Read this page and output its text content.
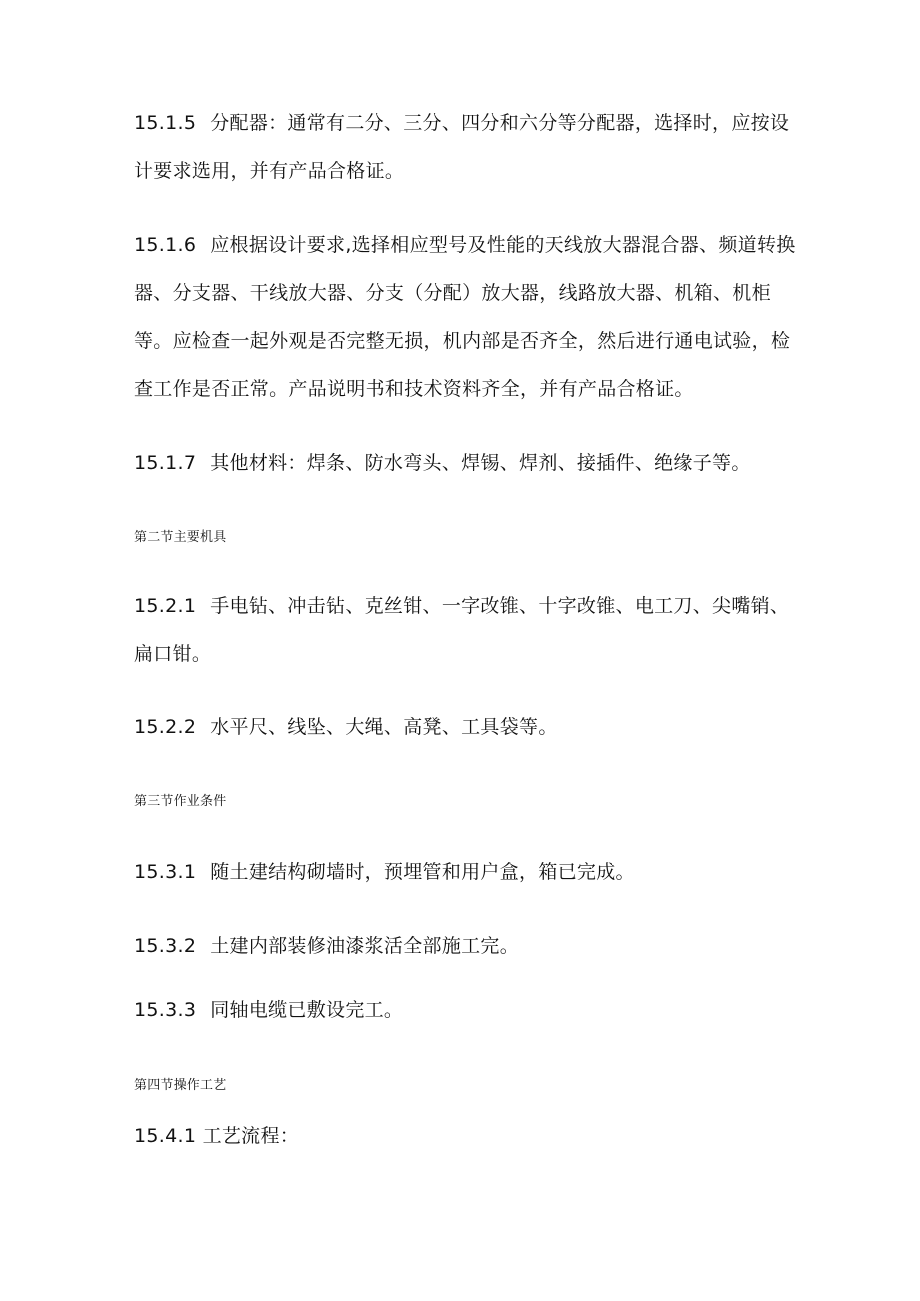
15.1.5 分配器：通常有二分、三分、四分和六分等分配器，选择时，应按设计要求选用，并有产品合格证。

15.1.6 应根据设计要求,选择相应型号及性能的天线放大器混合器、频道转换器、分支器、干线放大器、分支（分配）放大器，线路放大器、机箱、机柜等。应检查一起外观是否完整无损，机内部是否齐全，然后进行通电试验，检查工作是否正常。产品说明书和技术资料齐全，并有产品合格证。

15.1.7 其他材料：焊条、防水弯头、焊锡、焊剂、接插件、绝缘子等。

第二节主要机具

15.2.1 手电钻、冲击钻、克丝钳、一字改锥、十字改锥、电工刀、尖嘴销、扁口钳。

15.2.2 水平尺、线坠、大绳、高凳、工具袋等。

第三节作业条件

15.3.1 随土建结构砌墙时，预埋管和用户盒，箱已完成。

15.3.2 土建内部装修油漆浆活全部施工完。

15.3.3 同轴电缆已敷设完工。

第四节操作工艺

15.4.1 工艺流程：
